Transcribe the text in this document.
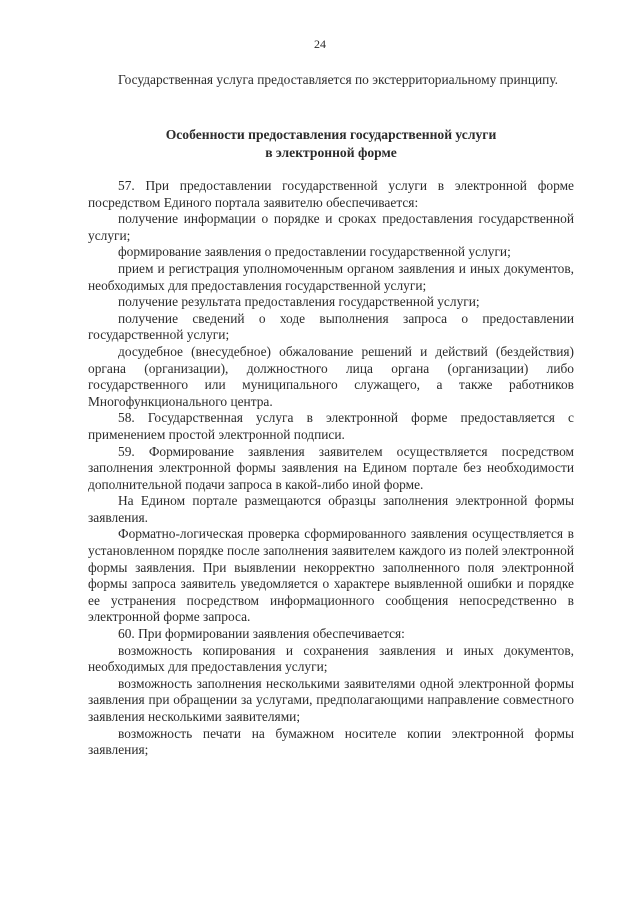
24

Государственная услуга предоставляется по экстерриториальному принципу.

Особенности предоставления государственной услуги
в электронной форме

57. При предоставлении государственной услуги в электронной форме посредством Единого портала заявителю обеспечивается:

получение информации о порядке и сроках предоставления государственной услуги;

формирование заявления о предоставлении государственной услуги;

прием и регистрация уполномоченным органом заявления и иных документов, необходимых для предоставления государственной услуги;

получение результата предоставления государственной услуги;

получение сведений о ходе выполнения запроса о предоставлении государственной услуги;

досудебное (внесудебное) обжалование решений и действий (бездействия) органа (организации), должностного лица органа (организации) либо государственного или муниципального служащего, а также работников Многофункционального центра.

58. Государственная услуга в электронной форме предоставляется с применением простой электронной подписи.

59. Формирование заявления заявителем осуществляется посредством заполнения электронной формы заявления на Едином портале без необходимости дополнительной подачи запроса в какой-либо иной форме.

На Едином портале размещаются образцы заполнения электронной формы заявления.

Форматно-логическая проверка сформированного заявления осуществляется в установленном порядке после заполнения заявителем каждого из полей электронной формы заявления. При выявлении некорректно заполненного поля электронной формы запроса заявитель уведомляется о характере выявленной ошибки и порядке ее устранения посредством информационного сообщения непосредственно в электронной форме запроса.

60. При формировании заявления обеспечивается:

возможность копирования и сохранения заявления и иных документов, необходимых для предоставления услуги;

возможность заполнения несколькими заявителями одной электронной формы заявления при обращении за услугами, предполагающими направление совместного заявления несколькими заявителями;

возможность печати на бумажном носителе копии электронной формы заявления;
